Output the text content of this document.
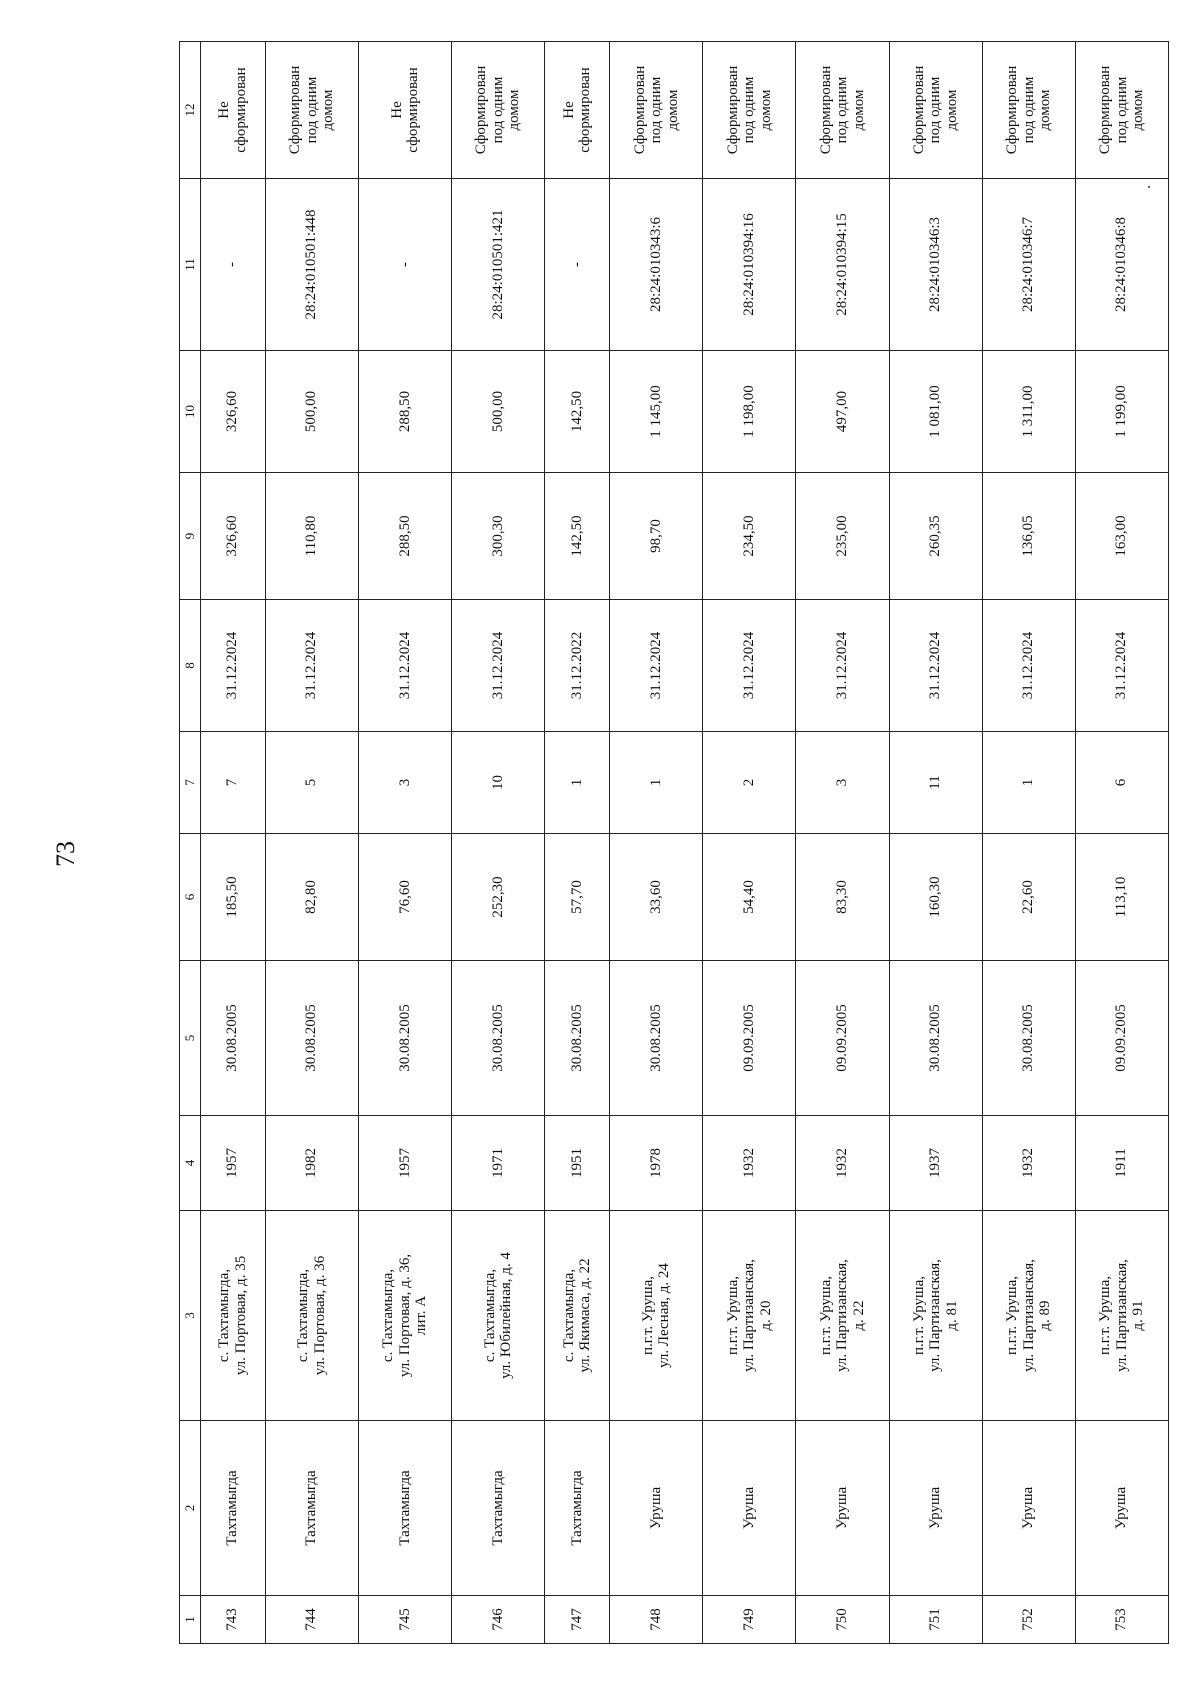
73
1	2	3	4	5	6	7	8	9	10	11	12
743	Тахтамыгда	с. Тахтамыгда, ул. Портовая, д. 35	1957	30.08.2005	185,50	7	31.12.2024	326,60	326,60	-	Не сформирован

744	Тахтамыгда	с. Тахтамыгда, ул. Портовая, д. 36	1982	30.08.2005	82,80	5	31.12.2024	110,80	500,00	28:24:010501:448	Сформирован под одним домом

745	Тахтамыгда	с. Тахтамыгда, ул. Портовая, д. 36, лит. А	1957	30.08.2005	76,60	3	31.12.2024	288,50	288,50	-	Не сформирован

746	Тахтамыгда	с. Тахтамыгда, ул. Юбилейная, д. 4	1971	30.08.2005	252,30	10	31.12.2024	300,30	500,00	28:24:010501:421	Сформирован под одним домом

747	Тахтамыгда	с. Тахтамыгда, ул. Якимаса, д. 22	1951	30.08.2005	57,70	1	31.12.2022	142,50	142,50	-	Не сформирован

748	Уруша	п.г.т. Уруша, ул. Лесная, д. 24	1978	30.08.2005	33,60	1	31.12.2024	98,70	1 145,00	28:24:010343:6	Сформирован под одним домом

749	Уруша	п.г.т. Уруша, ул. Партизанская, д. 20	1932	09.09.2005	54,40	2	31.12.2024	234,50	1 198,00	28:24:010394:16	Сформирован под одним домом

750	Уруша	п.г.т. Уруша, ул. Партизанская, д. 22	1932	09.09.2005	83,30	3	31.12.2024	235,00	497,00	28:24:010394:15	Сформирован под одним домом

751	Уруша	п.г.т. Уруша, ул. Партизанская, д. 81	1937	30.08.2005	160,30	11	31.12.2024	260,35	1 081,00	28:24:010346:3	Сформирован под одним домом

752	Уруша	п.г.т. Уруша, ул. Партизанская, д. 89	1932	30.08.2005	22,60	1	31.12.2024	136,05	1 311,00	28:24:010346:7	Сформирован под одним домом

753	Уруша	п.г.т. Уруша, ул. Партизанская, д. 91	1911	09.09.2005	113,10	6	31.12.2024	163,00	1 199,00	28:24:010346:8	Сформирован под одним домом
